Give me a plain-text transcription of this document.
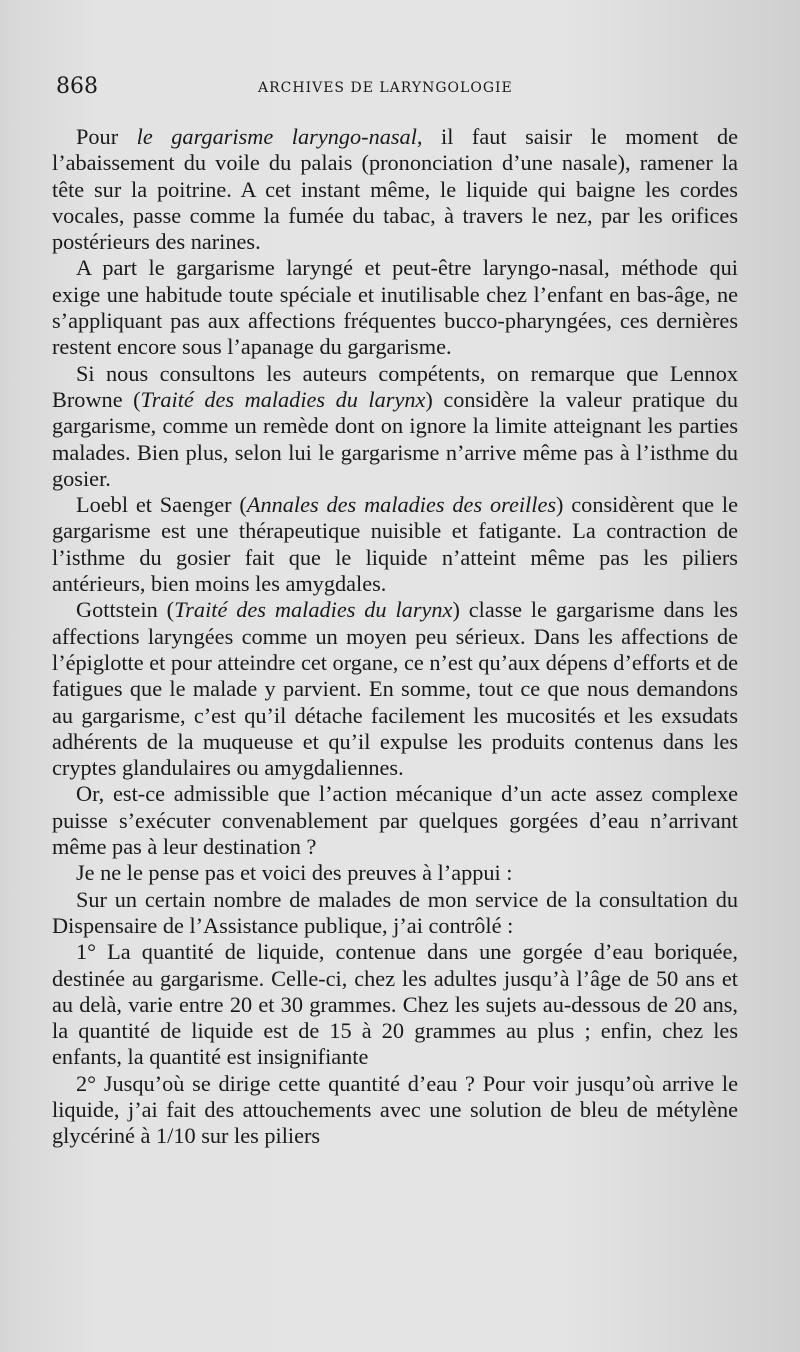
868	ARCHIVES DE LARYNGOLOGIE

Pour le gargarisme laryngo-nasal, il faut saisir le moment de l’abaissement du voile du palais (prononciation d’une nasale), ramener la tête sur la poitrine. A cet instant même, le liquide qui baigne les cordes vocales, passe comme la fumée du tabac, à travers le nez, par les orifices postérieurs des narines.

A part le gargarisme laryngé et peut-être laryngo-nasal, méthode qui exige une habitude toute spéciale et inutilisable chez l’enfant en bas-âge, ne s’appliquant pas aux affections fréquentes bucco-pharyngées, ces dernières restent encore sous l’apanage du gargarisme.

Si nous consultons les auteurs compétents, on remarque que Lennox Browne (Traité des maladies du larynx) considère la valeur pratique du gargarisme, comme un remède dont on ignore la limite atteignant les parties malades. Bien plus, selon lui le gargarisme n’arrive même pas à l’isthme du gosier.

Loebl et Saenger (Annales des maladies des oreilles) considèrent que le gargarisme est une thérapeutique nuisible et fatigante. La contraction de l’isthme du gosier fait que le liquide n’atteint même pas les piliers antérieurs, bien moins les amygdales.

Gottstein (Traité des maladies du larynx) classe le gargarisme dans les affections laryngées comme un moyen peu sérieux. Dans les affections de l’épiglotte et pour atteindre cet organe, ce n’est qu’aux dépens d’efforts et de fatigues que le malade y parvient. En somme, tout ce que nous demandons au gargarisme, c’est qu’il détache facilement les mucosités et les exsudats adhérents de la muqueuse et qu’il expulse les produits contenus dans les cryptes glandulaires ou amygdaliennes.

Or, est-ce admissible que l’action mécanique d’un acte assez complexe puisse s’exécuter convenablement par quelques gorgées d’eau n’arrivant même pas à leur destination ?

Je ne le pense pas et voici des preuves à l’appui :

Sur un certain nombre de malades de mon service de la consultation du Dispensaire de l’Assistance publique, j’ai contrôlé :

1° La quantité de liquide, contenue dans une gorgée d’eau boriquée, destinée au gargarisme. Celle-ci, chez les adultes jusqu’à l’âge de 50 ans et au delà, varie entre 20 et 30 grammes. Chez les sujets au-dessous de 20 ans, la quantité de liquide est de 15 à 20 grammes au plus ; enfin, chez les enfants, la quantité est insignifiante

2° Jusqu’où se dirige cette quantité d’eau ? Pour voir jusqu’où arrive le liquide, j’ai fait des attouchements avec une solution de bleu de métylène glycériné à 1/10 sur les piliers
